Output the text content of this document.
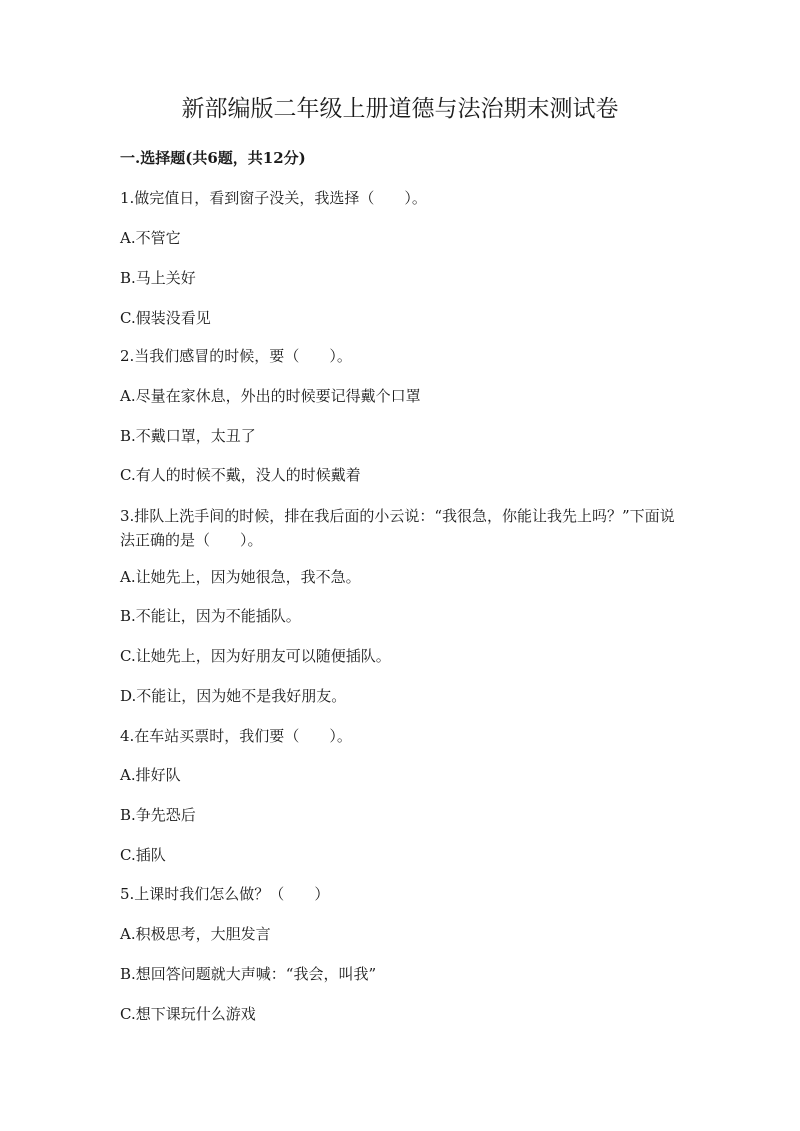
新部编版二年级上册道德与法治期末测试卷
一.选择题(共6题，共12分)
1.做完值日，看到窗子没关，我选择（　　）。
A.不管它
B.马上关好
C.假装没看见
2.当我们感冒的时候，要（　　）。
A.尽量在家休息，外出的时候要记得戴个口罩
B.不戴口罩，太丑了
C.有人的时候不戴，没人的时候戴着
3.排队上洗手间的时候，排在我后面的小云说：“我很急，你能让我先上吗？”下面说法正确的是（　　）。
A.让她先上，因为她很急，我不急。
B.不能让，因为不能插队。
C.让她先上，因为好朋友可以随便插队。
D.不能让，因为她不是我好朋友。
4.在车站买票时，我们要（　　）。
A.排好队
B.争先恐后
C.插队
5.上课时我们怎么做？（　　）
A.积极思考，大胆发言
B.想回答问题就大声喊：“我会，叫我”
C.想下课玩什么游戏
